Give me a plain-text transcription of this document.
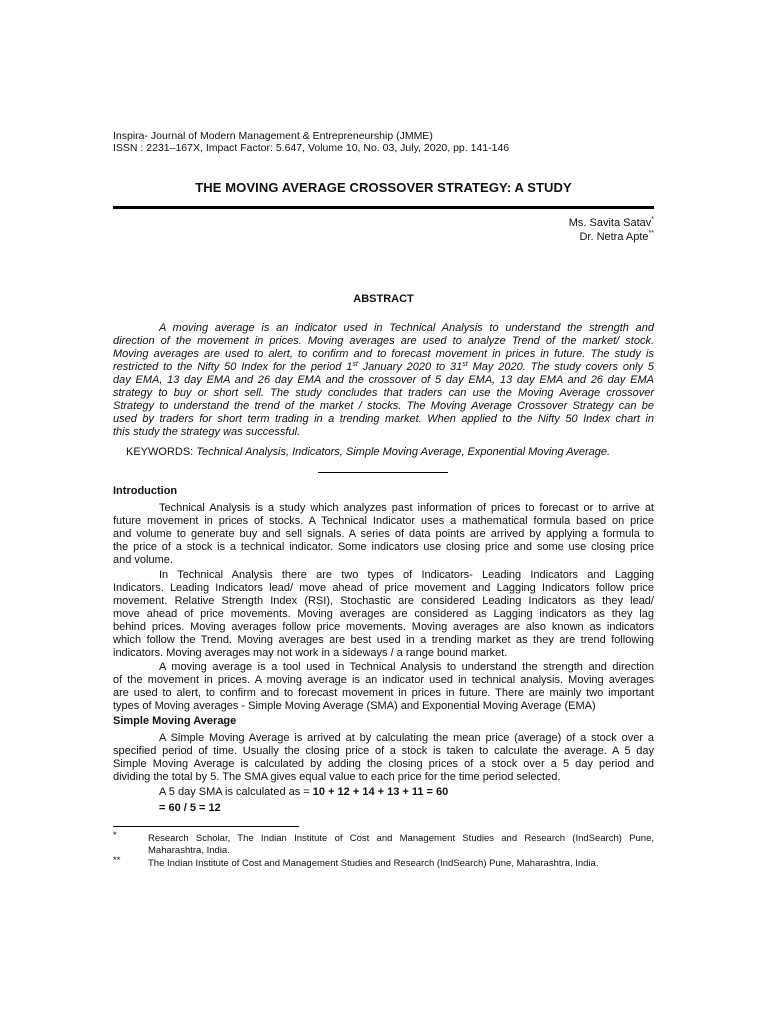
Inspira- Journal of Modern Management & Entrepreneurship (JMME)
ISSN : 2231–167X, Impact Factor: 5.647, Volume 10, No. 03, July, 2020, pp. 141-146
THE MOVING AVERAGE CROSSOVER STRATEGY: A STUDY
Ms. Savita Satav*
Dr. Netra Apte**
ABSTRACT
A moving average is an indicator used in Technical Analysis to understand the strength and
direction of the movement in prices. Moving averages are used to analyze Trend of the market/ stock.
Moving averages are used to alert, to confirm and to forecast movement in prices in future. The study is
restricted to the Nifty 50 Index for the period 1st January 2020 to 31st May 2020. The study covers only 5
day EMA, 13 day EMA and 26 day EMA and the crossover of 5 day EMA, 13 day EMA and 26 day EMA
strategy to buy or short sell. The study concludes that traders can use the Moving Average crossover
Strategy to understand the trend of the market / stocks. The Moving Average Crossover Strategy can be
used by traders for short term trading in a trending market. When applied to the Nifty 50 Index chart in
this study the strategy was successful.
KEYWORDS: Technical Analysis, Indicators, Simple Moving Average, Exponential Moving Average.
Introduction
Technical Analysis is a study which analyzes past information of prices to forecast or to arrive at
future movement in prices of stocks. A Technical Indicator uses a mathematical formula based on price
and volume to generate buy and sell signals. A series of data points are arrived by applying a formula to
the price of a stock is a technical indicator. Some indicators use closing price and some use closing price
and volume.
In Technical Analysis there are two types of Indicators- Leading Indicators and Lagging
Indicators. Leading Indicators lead/ move ahead of price movement and Lagging Indicators follow price
movement. Relative Strength Index (RSI), Stochastic are considered Leading Indicators as they lead/
move ahead of price movements. Moving averages are considered as Lagging indicators as they lag
behind prices. Moving averages follow price movements. Moving averages are also known as indicators
which follow the Trend. Moving averages are best used in a trending market as they are trend following
indicators. Moving averages may not work in a sideways / a range bound market.
A moving average is a tool used in Technical Analysis to understand the strength and direction
of the movement in prices. A moving average is an indicator used in technical analysis. Moving averages
are used to alert, to confirm and to forecast movement in prices in future. There are mainly two important
types of Moving averages - Simple Moving Average (SMA) and Exponential Moving Average (EMA)
Simple Moving Average
A Simple Moving Average is arrived at by calculating the mean price (average) of a stock over a
specified period of time. Usually the closing price of a stock is taken to calculate the average. A 5 day
Simple Moving Average is calculated by adding the closing prices of a stock over a 5 day period and
dividing the total by 5. The SMA gives equal value to each price for the time period selected.
A 5 day SMA is calculated as = 10 + 12 + 14 + 13 + 11 = 60
= 60 / 5 = 12
*	Research Scholar, The Indian Institute of Cost and Management Studies and Research (IndSearch) Pune,
Maharashtra, India.
**	The Indian Institute of Cost and Management Studies and Research (IndSearch) Pune, Maharashtra, India.
